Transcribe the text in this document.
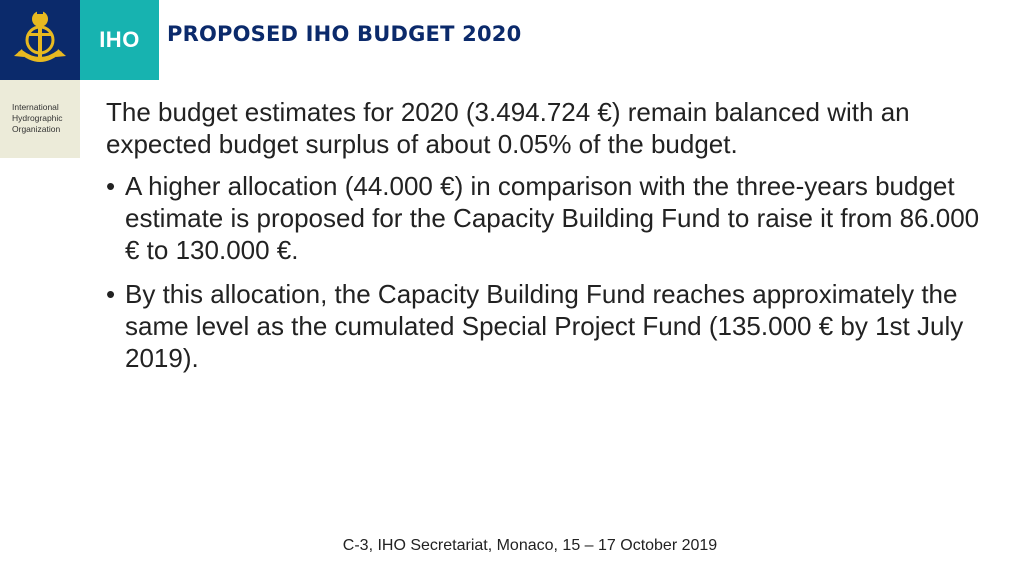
IHO
International
Hydrographic
Organization
PROPOSED IHO BUDGET 2020

The budget estimates for 2020 (3.494.724 €) remain balanced with an expected budget surplus of about 0.05% of the budget.

• A higher allocation (44.000 €) in comparison with the three-years budget estimate is proposed for the Capacity Building Fund to raise it from 86.000 € to 130.000 €.
• By this allocation, the Capacity Building Fund reaches approximately the same level as the cumulated Special Project Fund (135.000 € by 1st July 2019).
C-3, IHO Secretariat, Monaco, 15 – 17 October 2019
